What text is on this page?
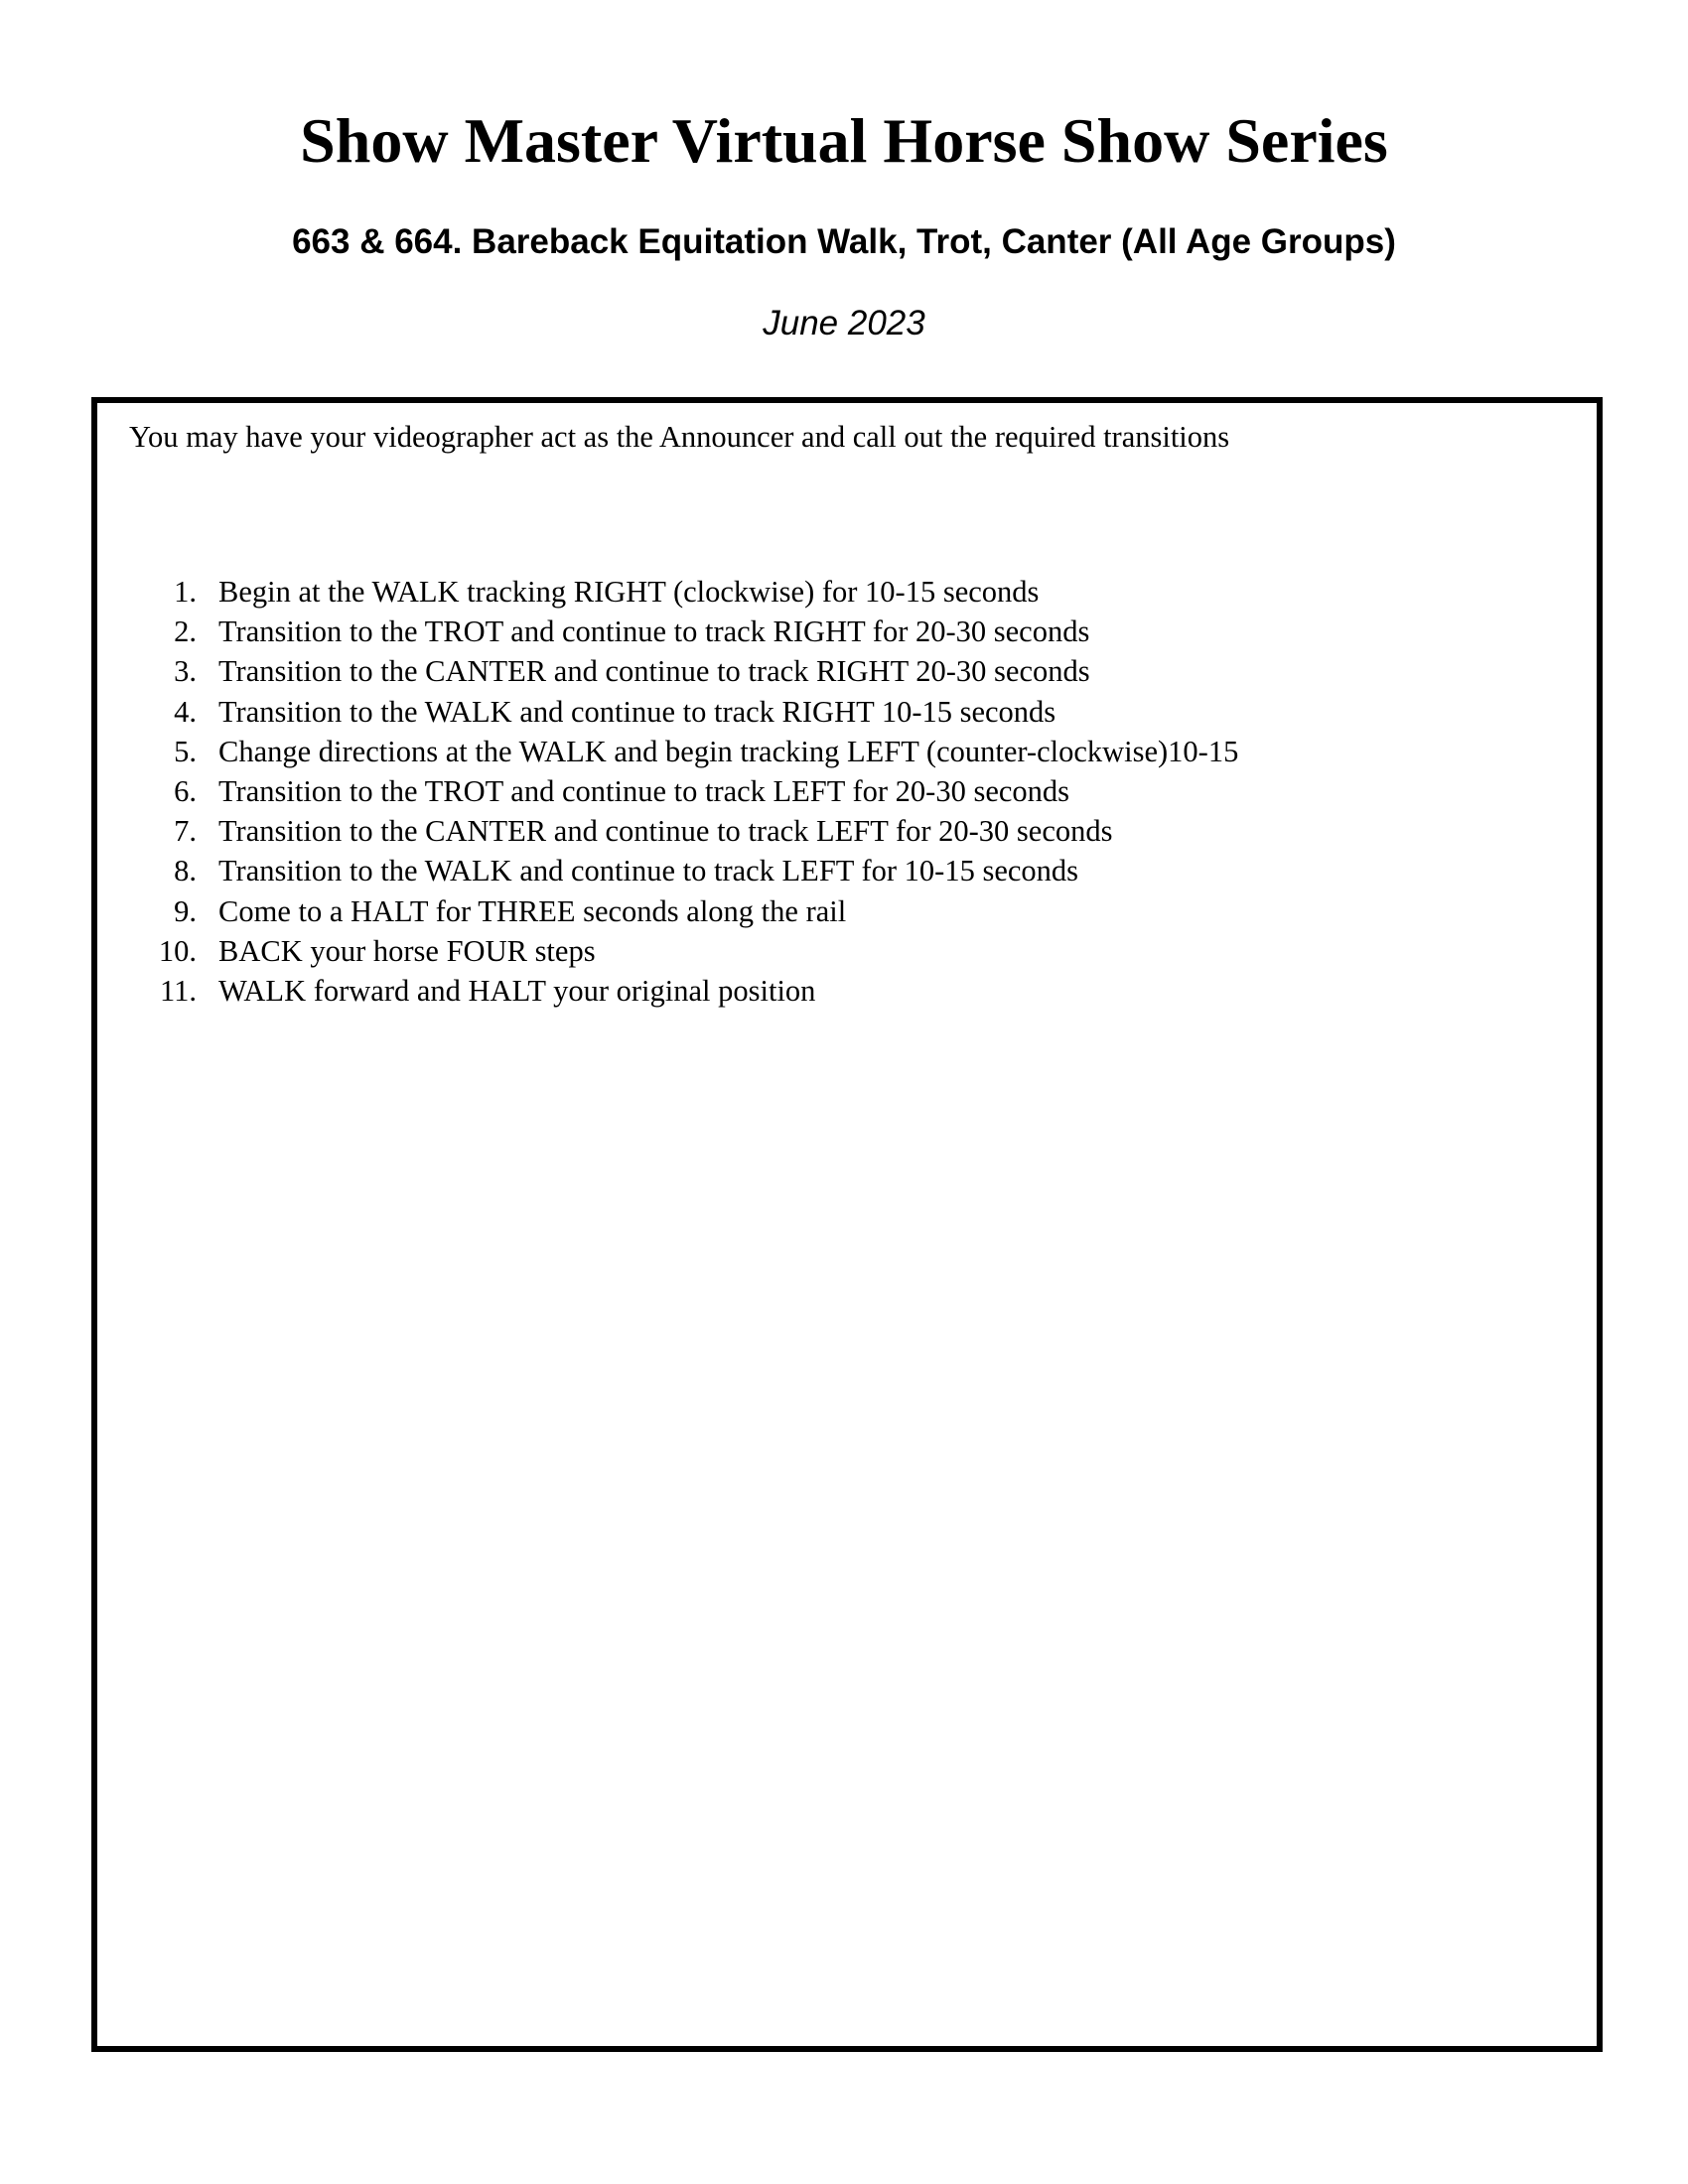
Show Master Virtual Horse Show Series
663 & 664. Bareback Equitation Walk, Trot, Canter (All Age Groups)

June 2023

You may have your videographer act as the Announcer and call out the required transitions

1. Begin at the WALK tracking RIGHT (clockwise) for 10-15 seconds
2. Transition to the TROT and continue to track RIGHT for 20-30 seconds
3. Transition to the CANTER and continue to track RIGHT 20-30 seconds
4. Transition to the WALK and continue to track RIGHT 10-15 seconds
5. Change directions at the WALK and begin tracking LEFT (counter-clockwise)10-15
6. Transition to the TROT and continue to track LEFT for 20-30 seconds
7. Transition to the CANTER and continue to track LEFT for 20-30 seconds
8. Transition to the WALK and continue to track LEFT for 10-15 seconds
9. Come to a HALT for THREE seconds along the rail
10. BACK your horse FOUR steps
11. WALK forward and HALT your original position
